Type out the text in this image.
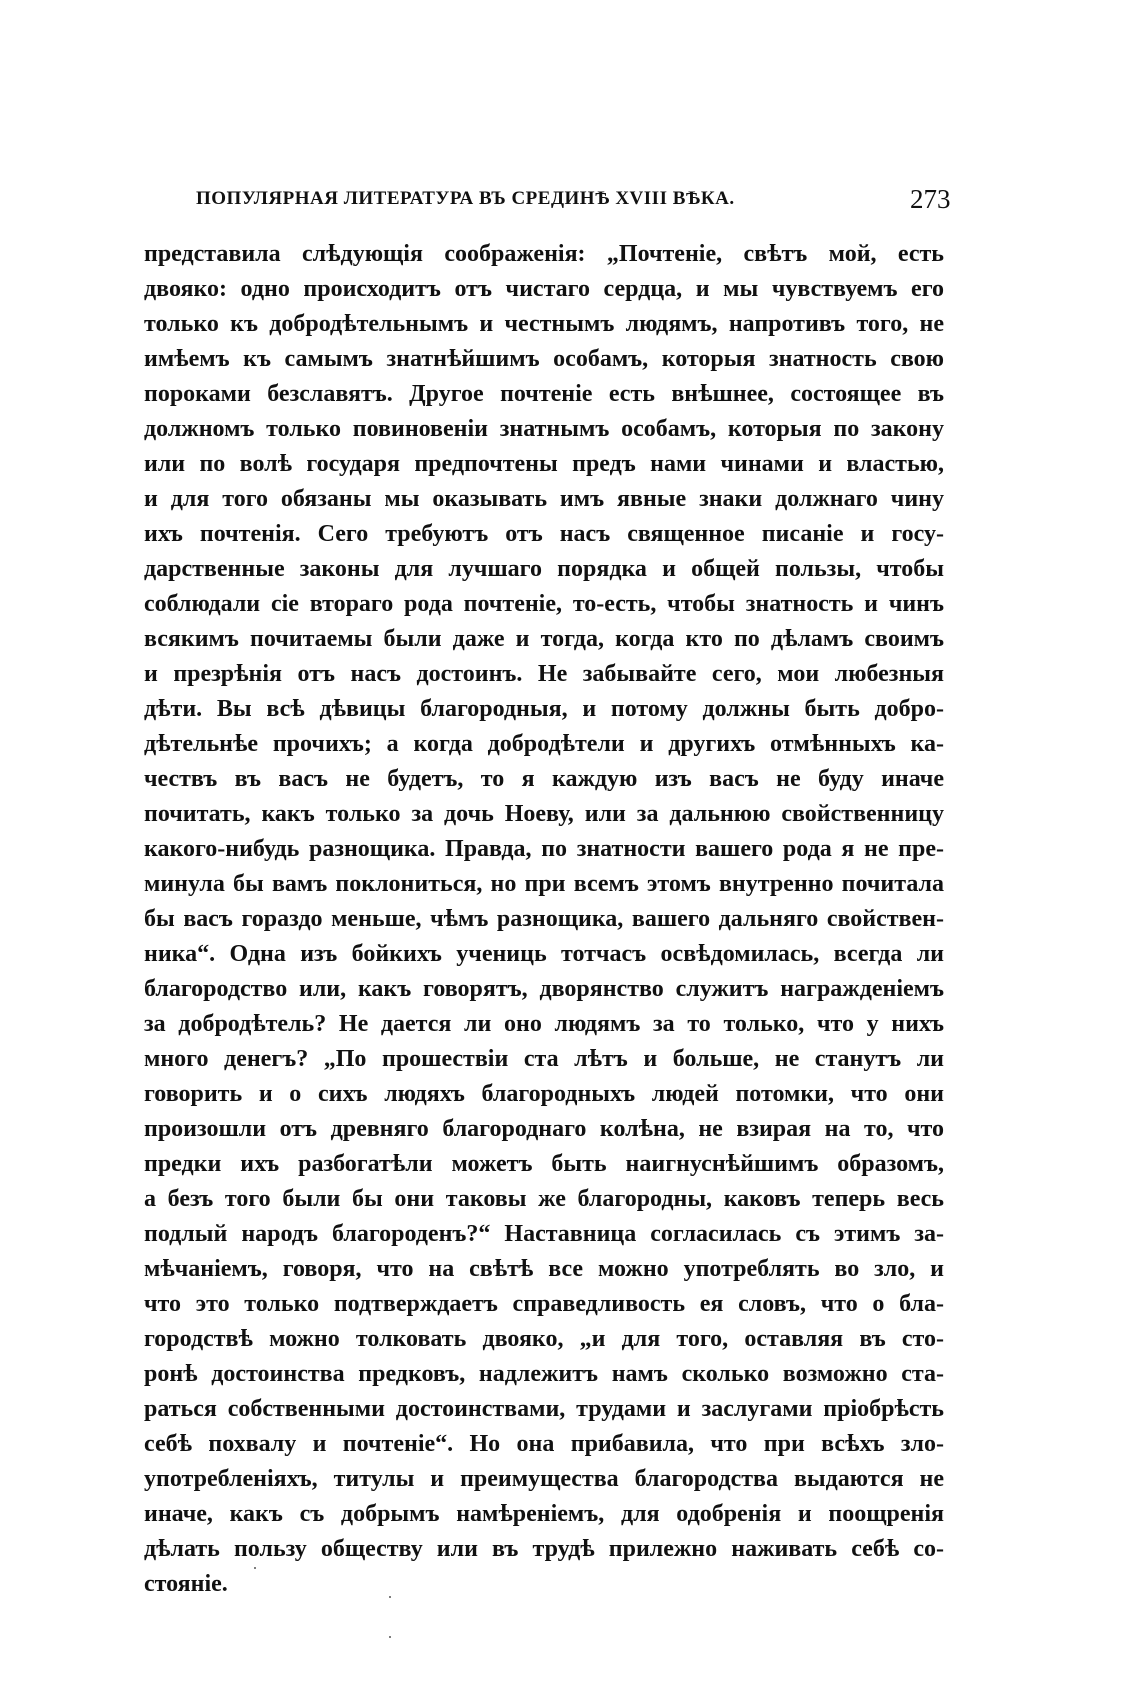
ПОПУЛЯРНАЯ ЛИТЕРАТУРА ВЪ СРЕДИНѢ XVIII ВѢКА.	273
представила слѣдующія соображенія: „Почтеніе, свѣтъ мой, есть
двояко: одно происходитъ отъ чистаго сердца, и мы чувствуемъ его
только къ добродѣтельнымъ и честнымъ людямъ, напротивъ того, не
имѣемъ къ самымъ знатнѣйшимъ особамъ, которыя знатность свою
пороками безславятъ. Другое почтеніе есть внѣшнее, состоящее въ
должномъ только повиновеніи знатнымъ особамъ, которыя по закону
или по волѣ государя предпочтены предъ нами чинами и властью,
и для того обязаны мы оказывать имъ явные знаки должнаго чину
ихъ почтенія. Сего требуютъ отъ насъ священное писаніе и госу-
дарственные законы для лучшаго порядка и общей пользы, чтобы
соблюдали сіе втораго рода почтеніе, то-есть, чтобы знатность и чинъ
всякимъ почитаемы были даже и тогда, когда кто по дѣламъ своимъ
и презрѣнія отъ насъ достоинъ. Не забывайте сего, мои любезныя
дѣти. Вы всѣ дѣвицы благородныя, и потому должны быть добро-
дѣтельнѣе прочихъ; а когда добродѣтели и другихъ отмѣнныхъ ка-
чествъ въ васъ не будетъ, то я каждую изъ васъ не буду иначе
почитать, какъ только за дочь Ноеву, или за дальнюю свойственницу
какого-нибудь разнощика. Правда, по знатности вашего рода я не пре-
минула бы вамъ поклониться, но при всемъ этомъ внутренно почитала
бы васъ гораздо меньше, чѣмъ разнощика, вашего дальняго свойствен-
ника“. Одна изъ бойкихъ учениць тотчасъ освѣдомилась, всегда ли
благородство или, какъ говорятъ, дворянство служитъ награжденіемъ
за добродѣтель? Не дается ли оно людямъ за то только, что у нихъ
много денегъ? „По прошествіи ста лѣтъ и больше, не станутъ ли
говорить и о сихъ людяхъ благородныхъ людей потомки, что они
произошли отъ древняго благороднаго колѣна, не взирая на то, что
предки ихъ разбогатѣли можетъ быть наигнуснѣйшимъ образомъ,
а безъ того были бы они таковы же благородны, каковъ теперь весь
подлый народъ благороденъ?“ Наставница согласилась съ этимъ за-
мѣчаніемъ, говоря, что на свѣтѣ все можно употреблять во зло, и
что это только подтверждаетъ справедливость ея словъ, что о бла-
городствѣ можно толковать двояко, „и для того, оставляя въ сто-
ронѣ достоинства предковъ, надлежитъ намъ сколько возможно ста-
раться собственными достоинствами, трудами и заслугами пріобрѣсть
себѣ похвалу и почтеніе“. Но она прибавила, что при всѣхъ зло-
употребленіяхъ, титулы и преимущества благородства выдаются не
иначе, какъ съ добрымъ намѣреніемъ, для одобренія и поощренія
дѣлать пользу обществу или въ трудѣ прилежно наживать себѣ со-
стояніе.
